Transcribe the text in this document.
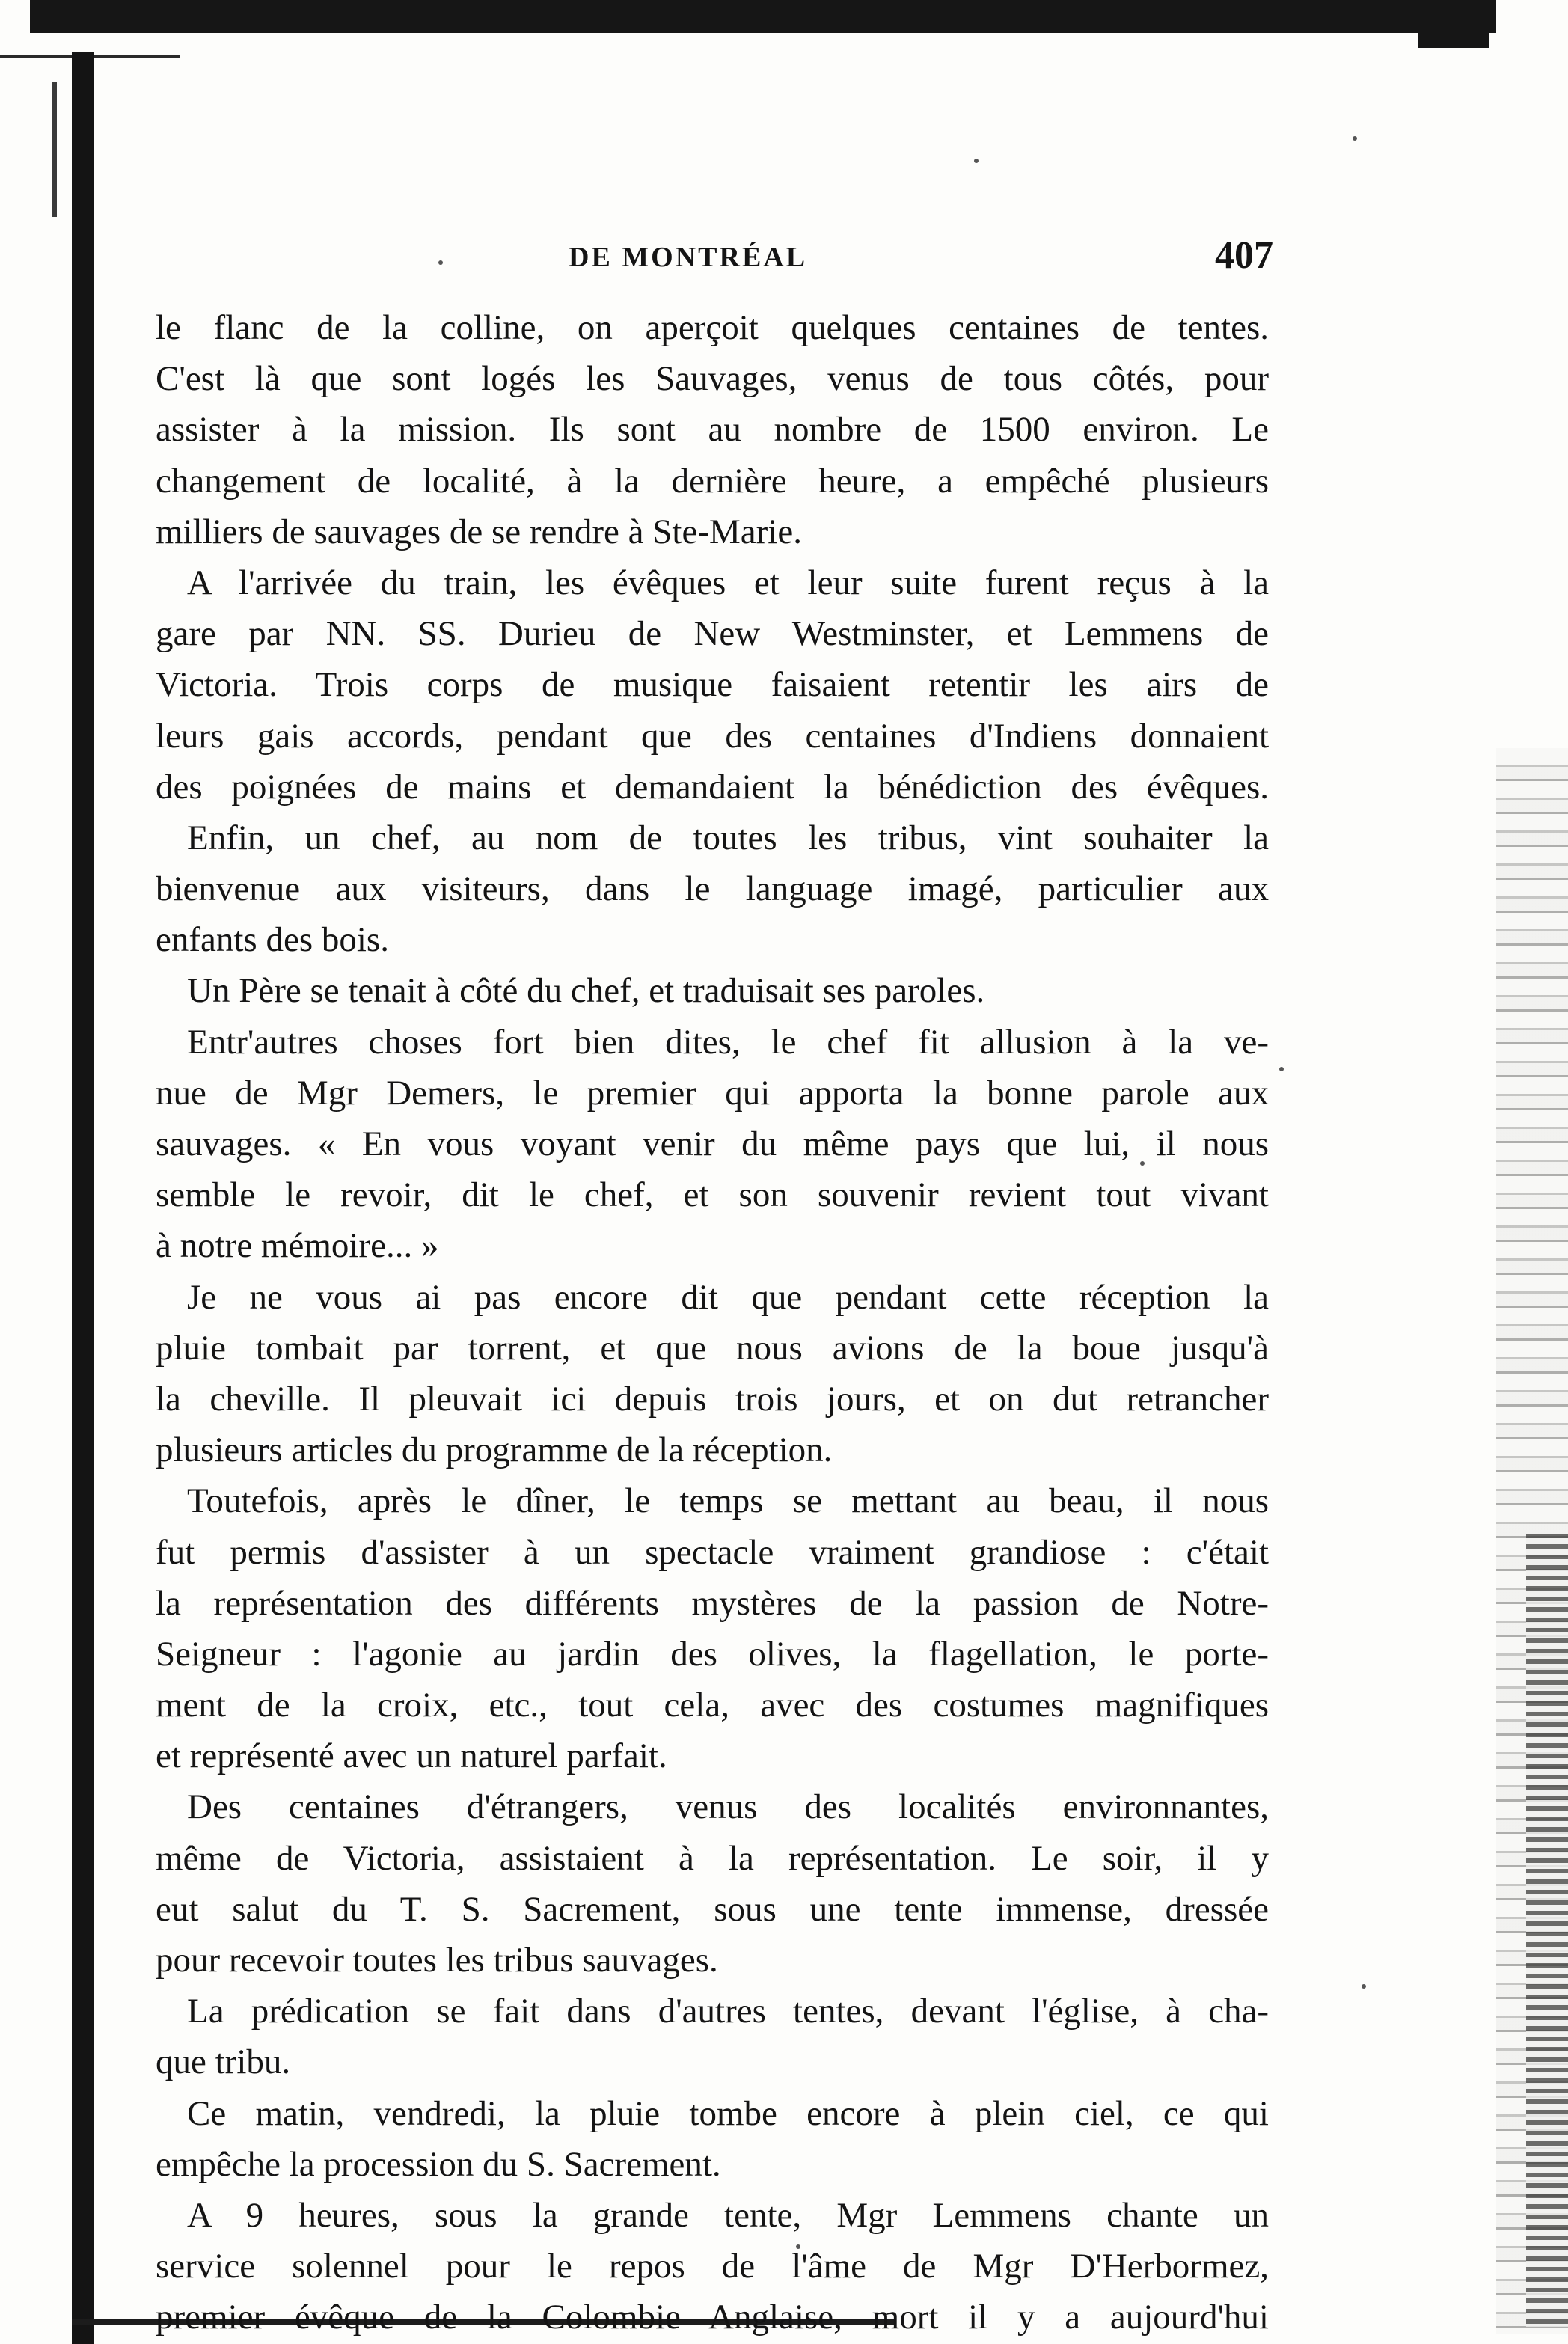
DE MONTRÉAL	407
le flanc de la colline, on aperçoit quelques centaines de tentes.
C'est là que sont logés les Sauvages, venus de tous côtés, pour
assister à la mission. Ils sont au nombre de 1500 environ. Le
changement de localité, à la dernière heure, a empêché plusieurs
milliers de sauvages de se rendre à Ste-Marie.
A l'arrivée du train, les évêques et leur suite furent reçus à la
gare par NN. SS. Durieu de New Westminster, et Lemmens de
Victoria. Trois corps de musique faisaient retentir les airs de
leurs gais accords, pendant que des centaines d'Indiens donnaient
des poignées de mains et demandaient la bénédiction des évêques.
Enfin, un chef, au nom de toutes les tribus, vint souhaiter la
bienvenue aux visiteurs, dans le language imagé, particulier aux
enfants des bois.
Un Père se tenait à côté du chef, et traduisait ses paroles.
Entr'autres choses fort bien dites, le chef fit allusion à la ve-
nue de Mgr Demers, le premier qui apporta la bonne parole aux
sauvages. « En vous voyant venir du même pays que lui, il nous
semble le revoir, dit le chef, et son souvenir revient tout vivant
à notre mémoire... »
Je ne vous ai pas encore dit que pendant cette réception la
pluie tombait par torrent, et que nous avions de la boue jusqu'à
la cheville. Il pleuvait ici depuis trois jours, et on dut retrancher
plusieurs articles du programme de la réception.
Toutefois, après le dîner, le temps se mettant au beau, il nous
fut permis d'assister à un spectacle vraiment grandiose : c'était
la représentation des différents mystères de la passion de Notre-
Seigneur : l'agonie au jardin des olives, la flagellation, le porte-
ment de la croix, etc., tout cela, avec des costumes magnifiques
et représenté avec un naturel parfait.
Des centaines d'étrangers, venus des localités environnantes,
même de Victoria, assistaient à la représentation. Le soir, il y
eut salut du T. S. Sacrement, sous une tente immense, dressée
pour recevoir toutes les tribus sauvages.
La prédication se fait dans d'autres tentes, devant l'église, à cha-
que tribu.
Ce matin, vendredi, la pluie tombe encore à plein ciel, ce qui
empêche la procession du S. Sacrement.
A 9 heures, sous la grande tente, Mgr Lemmens chante un
service solennel pour le repos de l'âme de Mgr D'Herbormez,
premier évêque de la Colombie Anglaise, mort il y a aujourd'hui
